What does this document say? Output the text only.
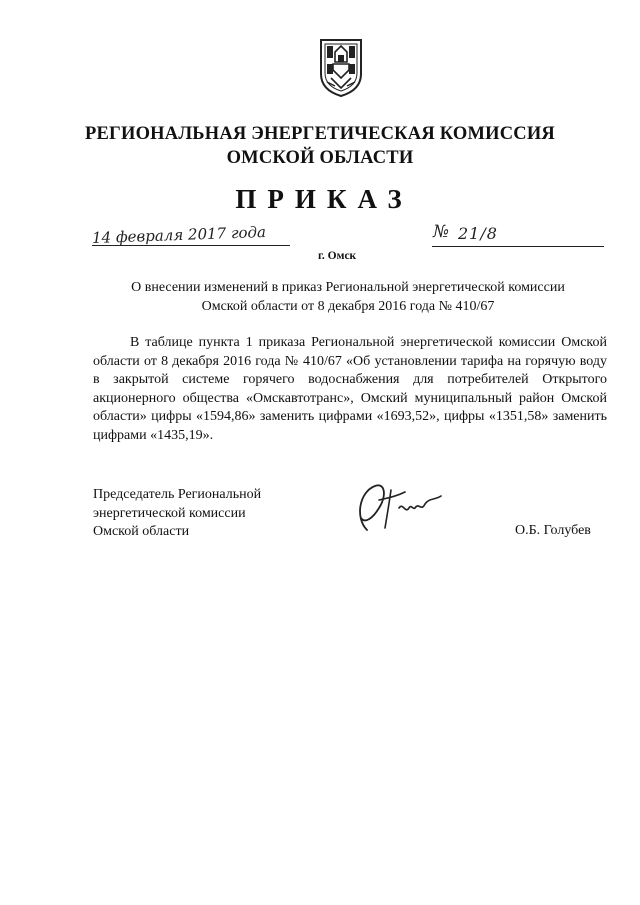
РЕГИОНАЛЬНАЯ ЭНЕРГЕТИЧЕСКАЯ КОМИССИЯ
ОМСКОЙ ОБЛАСТИ
ПРИКАЗ
14 февраля 2017 года	№ 21/8
г. Омск
О внесении изменений в приказ Региональной энергетической комиссии
Омской области от 8 декабря 2016 года № 410/67

В таблице пункта 1 приказа Региональной энергетической комиссии Омской области от 8 декабря 2016 года № 410/67 «Об установлении тарифа на горячую воду в закрытой системе горячего водоснабжения для потребителей Открытого акционерного общества «Омскавтотранс», Омский муниципальный район Омской области» цифры «1594,86» заменить цифрами «1693,52», цифры «1351,58» заменить цифрами «1435,19».

Председатель Региональной
энергетической комиссии
Омской области	О.Б. Голубев
